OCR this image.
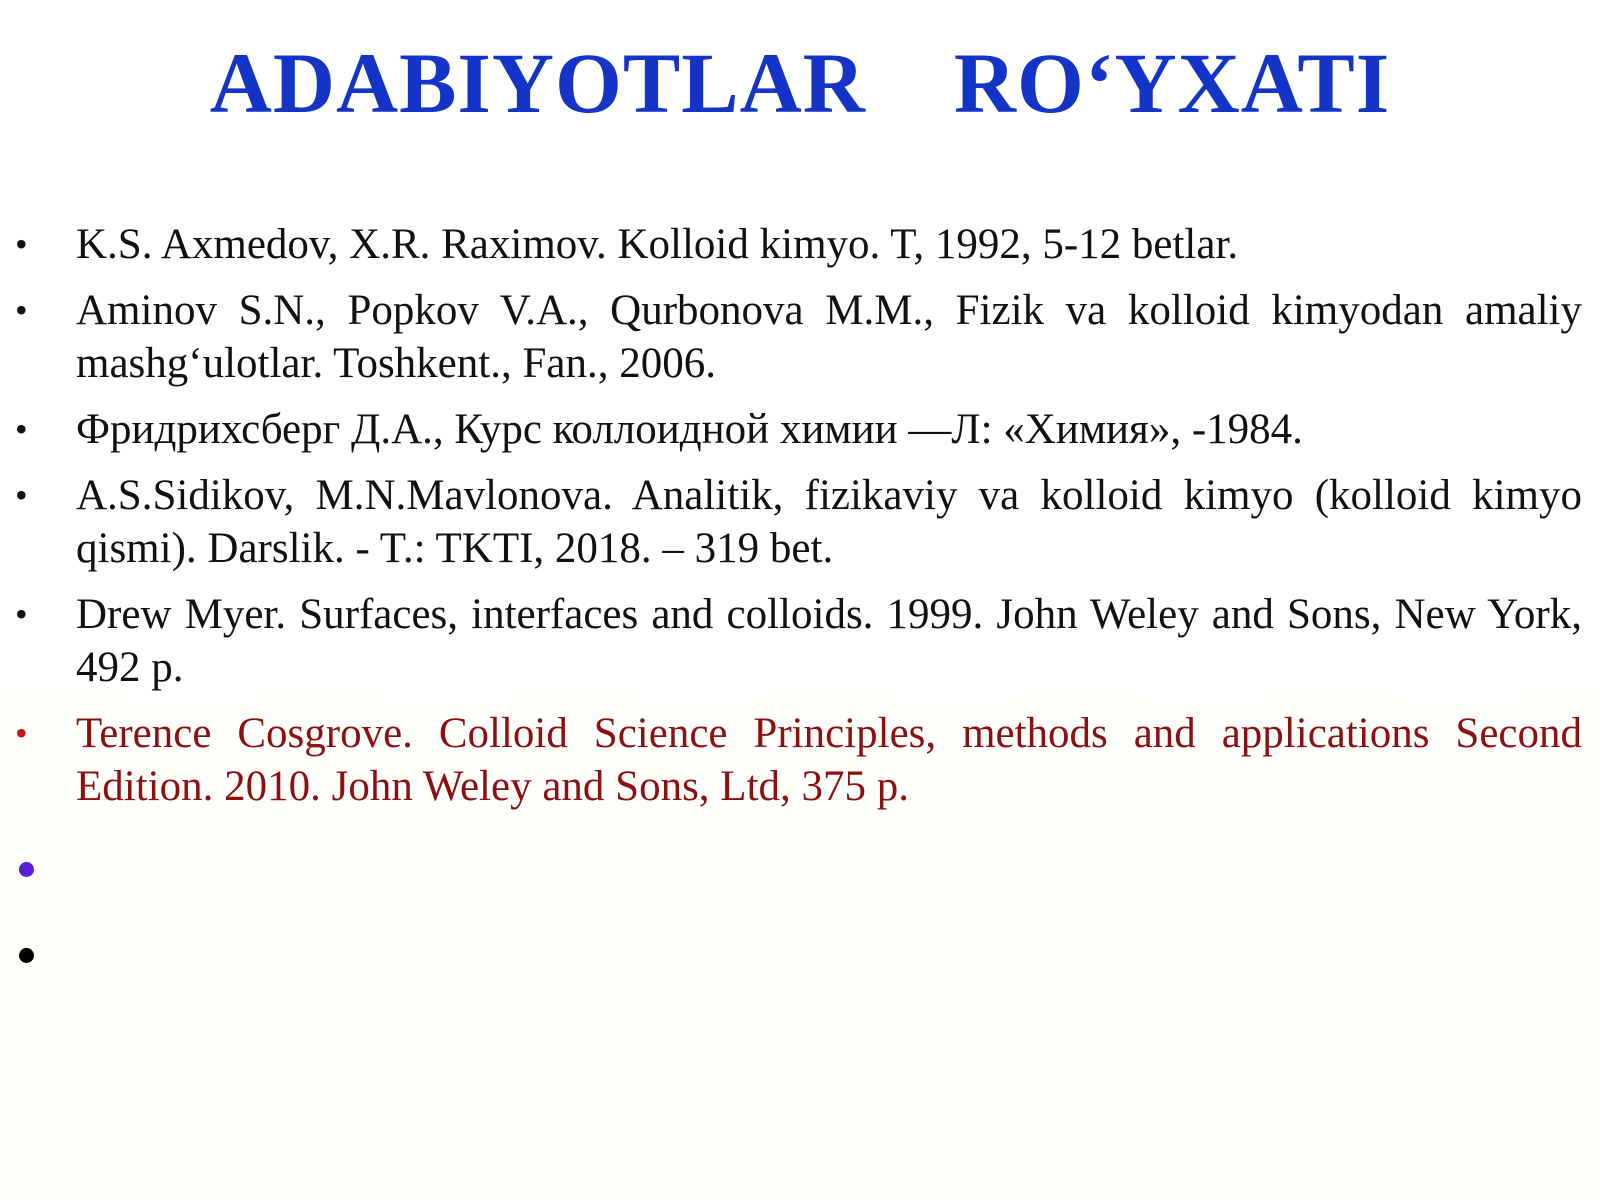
ADABIYOTLAR RO‘YXATI
•	K.S. Axmedov, X.R. Raximov. Kolloid kimyo. T, 1992, 5-12 betlar.
•	Aminov S.N., Popkov V.A., Qurbonova M.M., Fizik va kolloid kimyodan amaliy mashg‘ulotlar. Toshkent., Fan., 2006.
•	Фридрихсберг Д.А., Курс коллоидной химии —Л: «Химия», -1984.
•	A.S.Sidikov, M.N.Mavlonova. Analitik, fizikaviy va kolloid kimyo (kolloid kimyo qismi). Darslik. - T.: TKTI, 2018. – 319 bet.
•	Drew Myer. Surfaces, interfaces and colloids. 1999. John Weley and Sons, New York, 492 p.
•	Terence Cosgrove. Colloid Science Principles, methods and applications Second Edition. 2010. John Weley and Sons, Ltd, 375 p.
